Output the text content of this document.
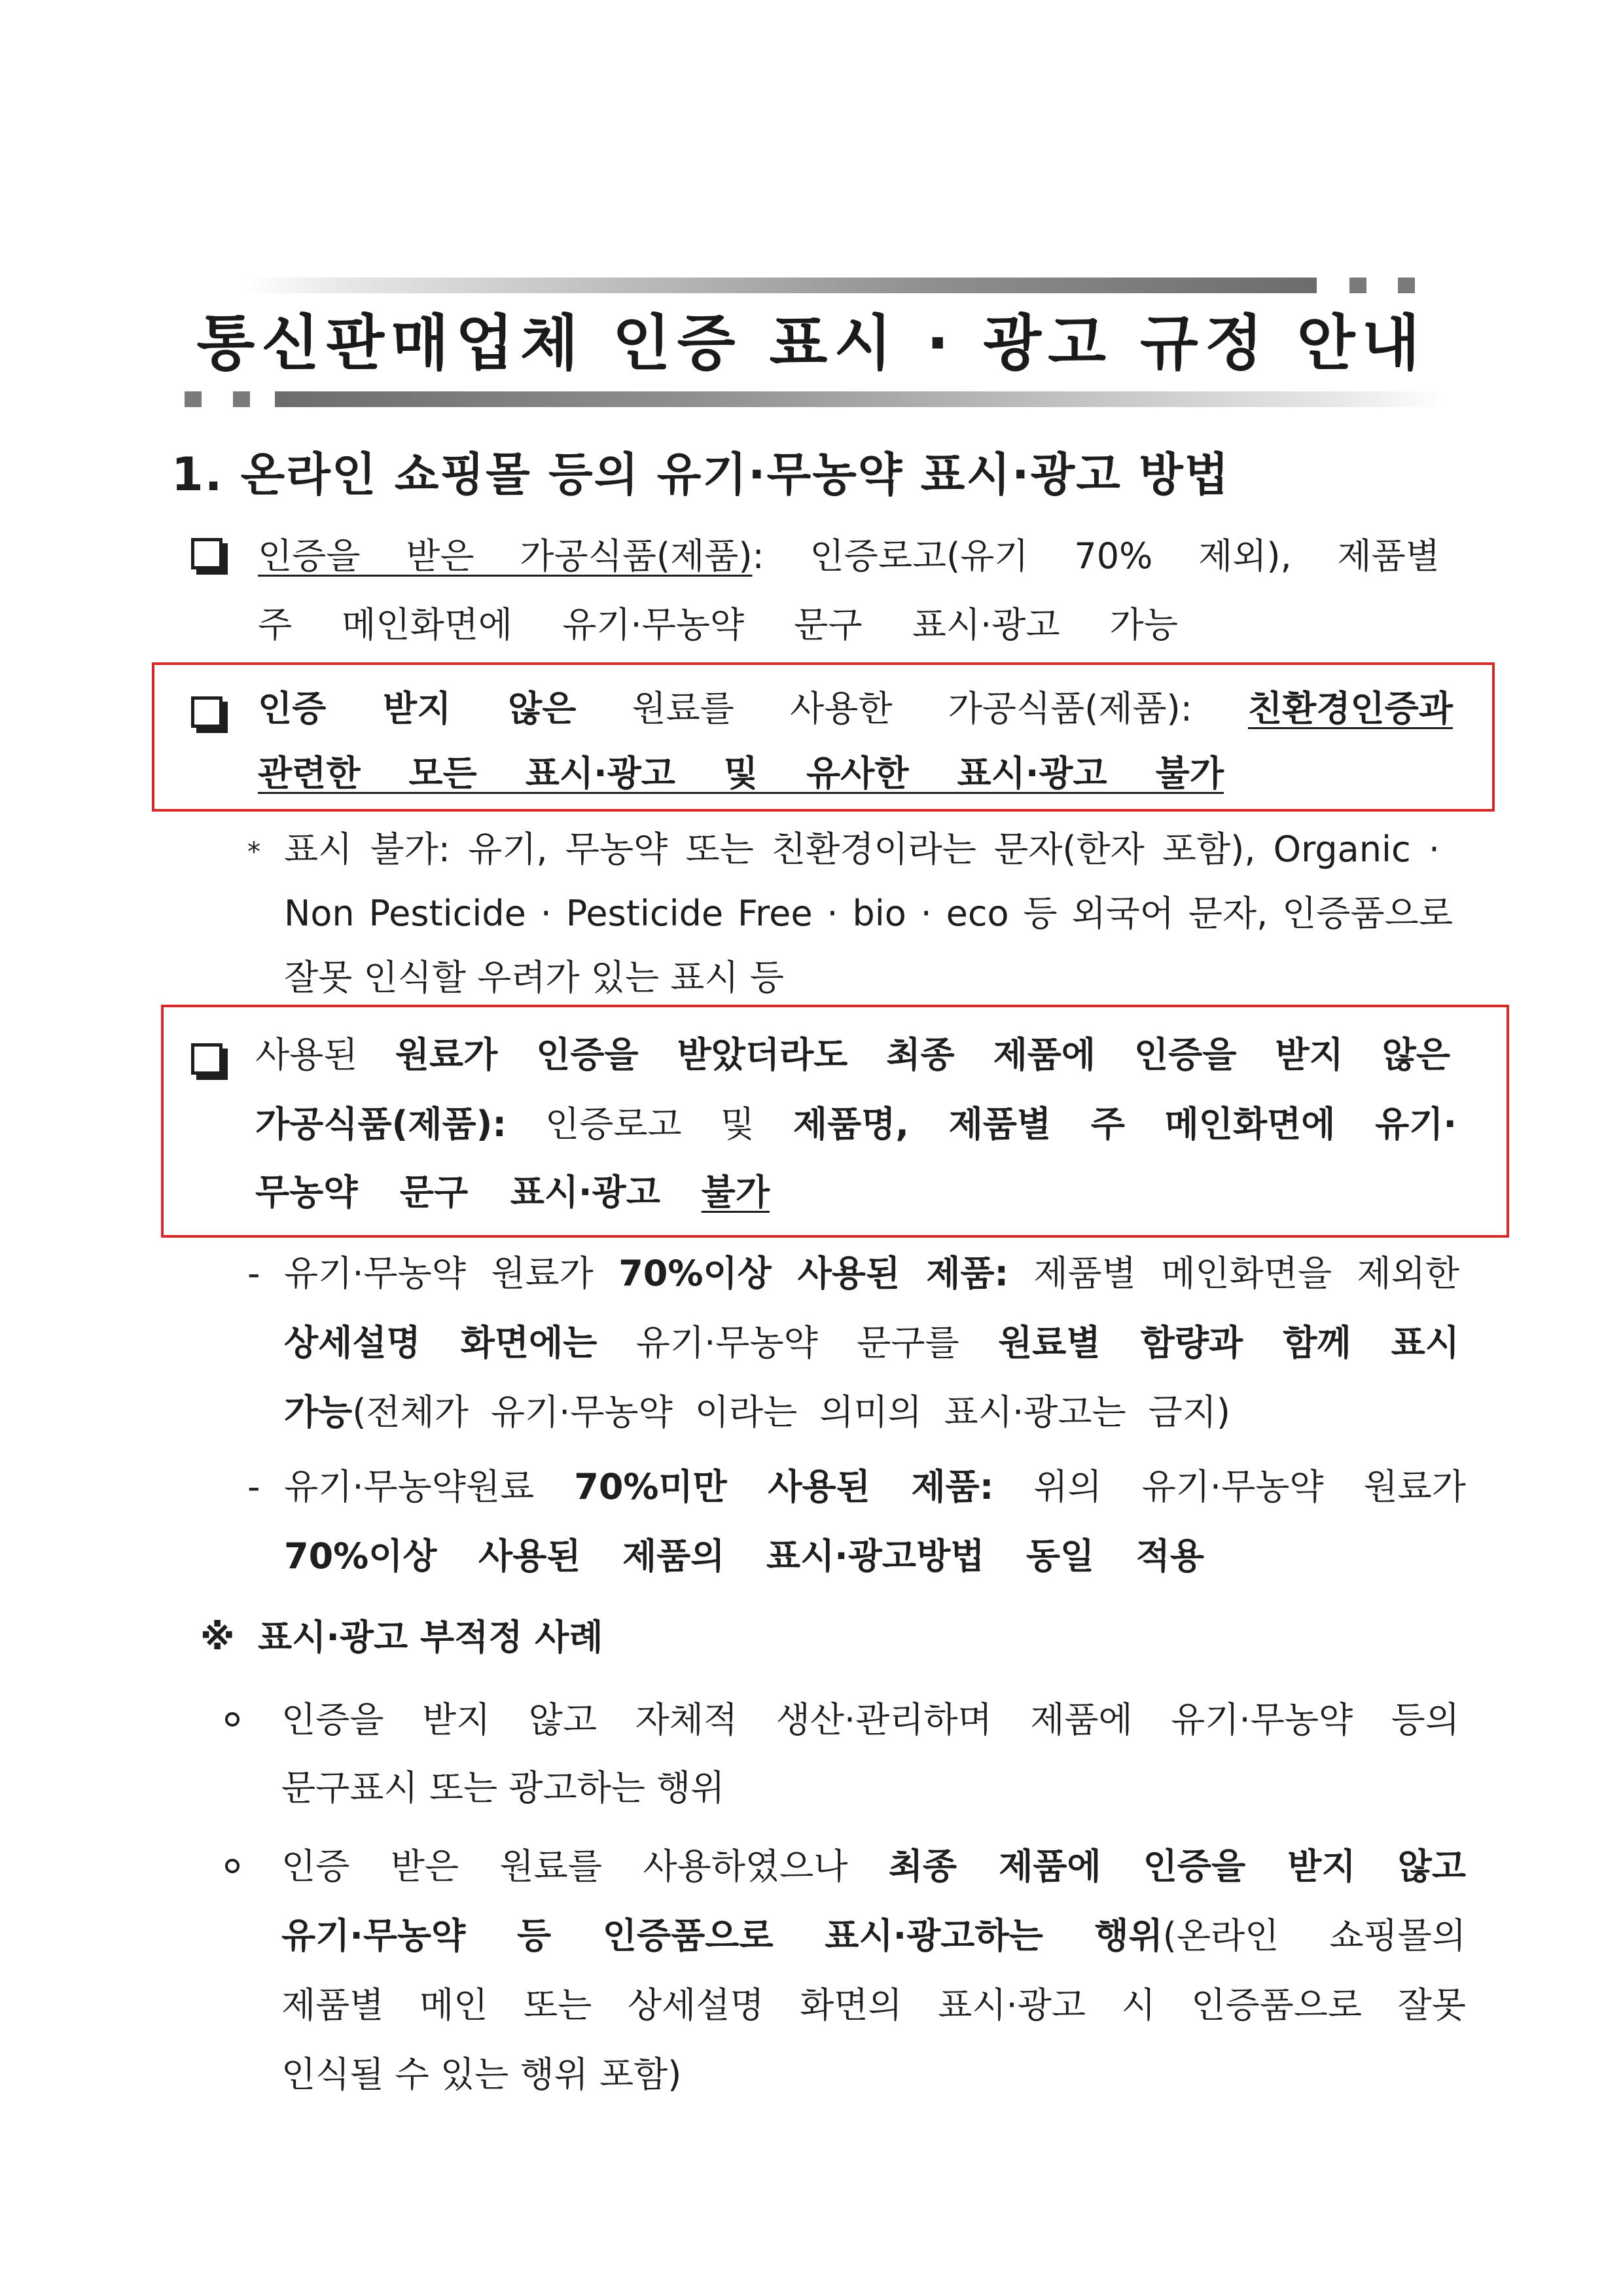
통신판매업체 인증 표시 · 광고 규정 안내
1. 온라인 쇼핑몰 등의 유기·무농약 표시·광고 방법
인증을 받은 가공식품(제품): 인증로고(유기 70% 제외), 제품별
주 메인화면에 유기·무농약 문구 표시·광고 가능
인증 받지 않은 원료를 사용한 가공식품(제품): 친환경인증과
관련한 모든 표시·광고 및 유사한 표시·광고 불가
* 표시 불가: 유기, 무농약 또는 친환경이라는 문자(한자 포함), Organic ·
Non Pesticide · Pesticide Free · bio · eco 등 외국어 문자, 인증품으로
잘못 인식할 우려가 있는 표시 등
사용된 원료가 인증을 받았더라도 최종 제품에 인증을 받지 않은
가공식품(제품): 인증로고 및 제품명, 제품별 주 메인화면에 유기·
무농약 문구 표시·광고 불가
- 유기·무농약 원료가 70%이상 사용된 제품: 제품별 메인화면을 제외한
상세설명 화면에는 유기·무농약 문구를 원료별 함량과 함께 표시
가능(전체가 유기·무농약 이라는 의미의 표시·광고는 금지)
- 유기·무농약원료 70%미만 사용된 제품: 위의 유기·무농약 원료가
70%이상 사용된 제품의 표시·광고방법 동일 적용
※ 표시·광고 부적정 사례
인증을 받지 않고 자체적 생산·관리하며 제품에 유기·무농약 등의
문구표시 또는 광고하는 행위
인증 받은 원료를 사용하였으나 최종 제품에 인증을 받지 않고
유기·무농약 등 인증품으로 표시·광고하는 행위(온라인 쇼핑몰의
제품별 메인 또는 상세설명 화면의 표시·광고 시 인증품으로 잘못
인식될 수 있는 행위 포함)
